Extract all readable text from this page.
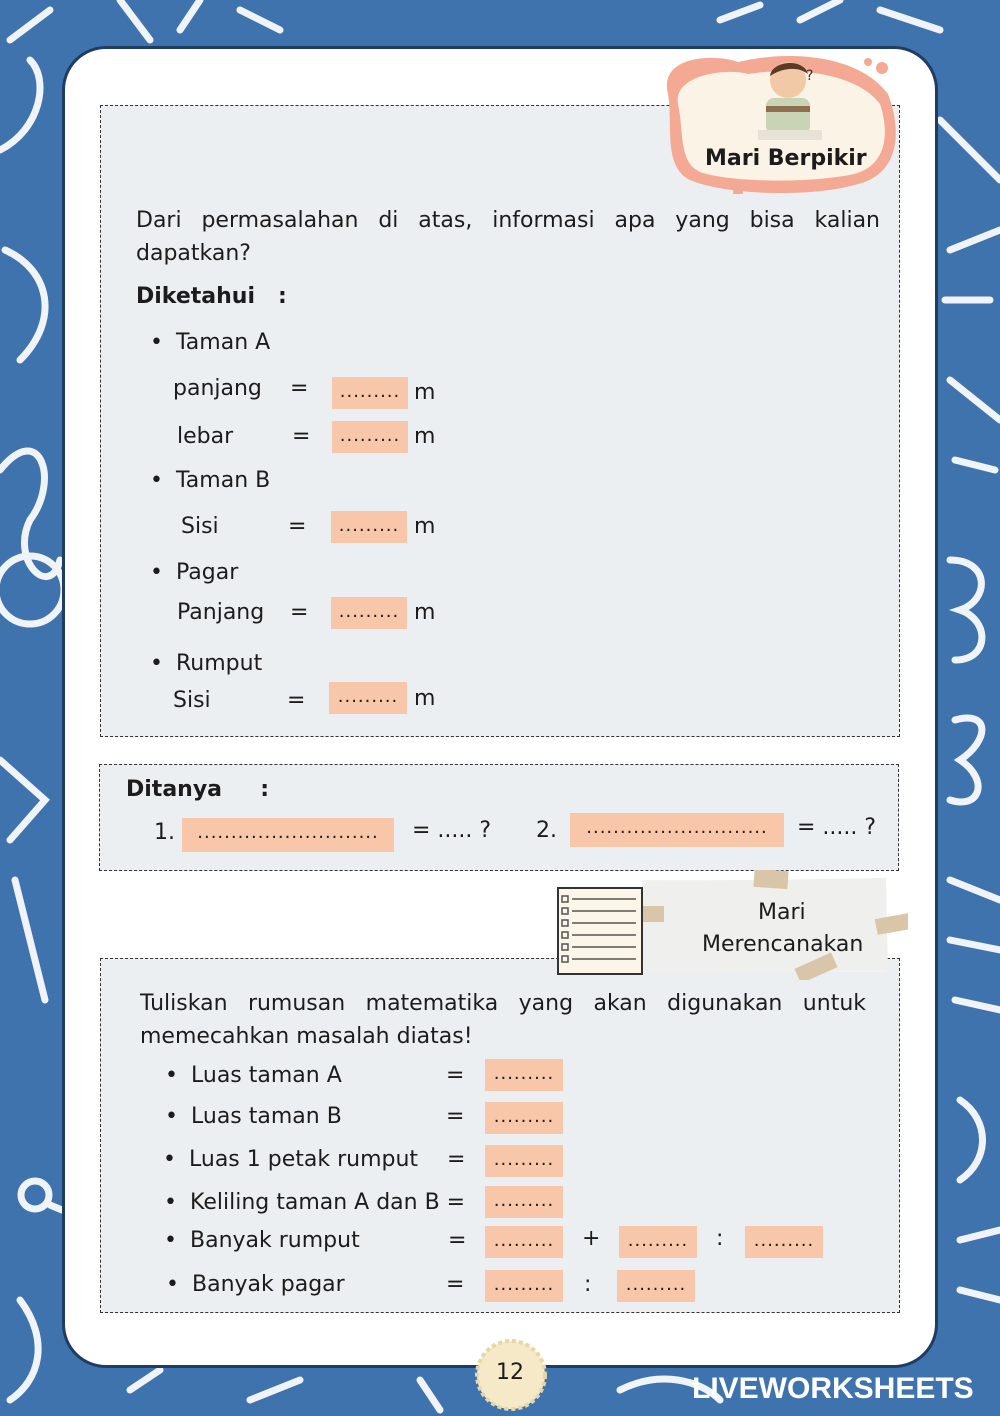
?
Mari Berpikir
Dari permasalahan di atas, informasi apa yang bisa kalian dapatkan?
Diketahui   :
• Taman A
panjang =	......... m
lebar	=	......... m
• Taman B
Sisi	=	......... m
• Pagar
Panjang =	......... m
• Rumput
Sisi	=	......... m
Ditanya     :
1.	...........................	= ..... ? 2.	...........................	= ..... ?
Mari
Merencanakan
Tuliskan rumusan matematika yang akan digunakan untuk memecahkan masalah diatas!
• Luas taman A	=	.........
• Luas taman B	=	.........
• Luas 1 petak rumput =	.........
• Keliling taman A dan B =	.........
• Banyak rumput	=	.........	+	.........	:	.........
• Banyak pagar	=	.........	:	.........
12	LIVEWORKSHEETS
